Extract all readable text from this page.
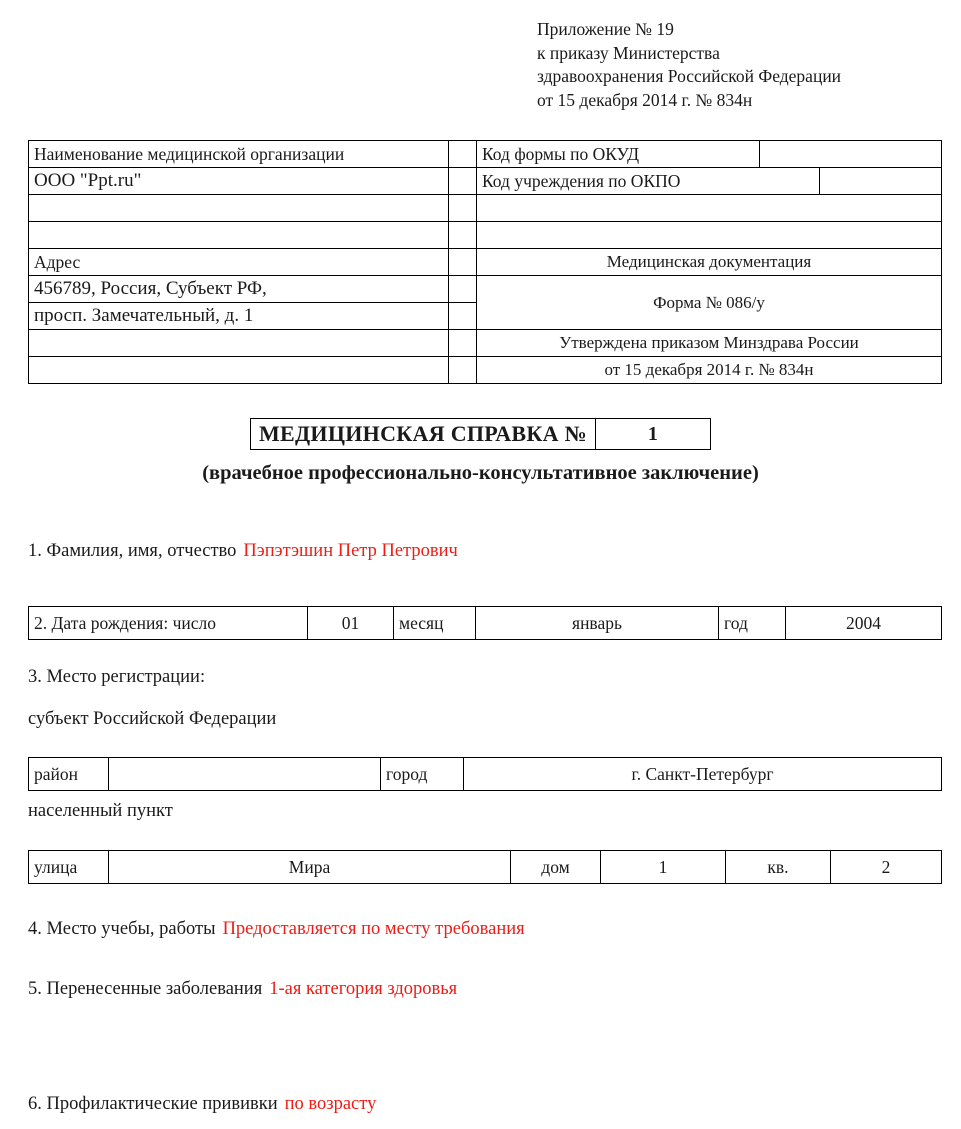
Приложение № 19
к приказу Министерства
здравоохранения Российской Федерации
от 15 декабря 2014 г. № 834н
Наименование медицинской организации		Код формы по ОКУД		
ООО "Ppt.ru"		Код учреждения по ОКПО		

Адрес		Медицинская документация		
456789, Россия, Субъект РФ,		Форма № 086/у		
просп. Замечательный, д. 1				
		Утверждена приказом Минздрава России		
		от 15 декабря 2014 г. № 834н		
МЕДИЦИНСКАЯ СПРАВКА №	1
(врачебное профессионально-консультативное заключение)
1. Фамилия, имя, отчество Пэпэтэшин Петр Петрович
2. Дата рождения: число	01	месяц	январь	год	2004
3. Место регистрации:
субъект Российской Федерации
район		город	г. Санкт-Петербург
населенный пункт
улица	Мира	дом	1	кв.	2
4. Место учебы, работы Предоставляется по месту требования
5. Перенесенные заболевания 1-ая категория здоровья
6. Профилактические прививки по возрасту
